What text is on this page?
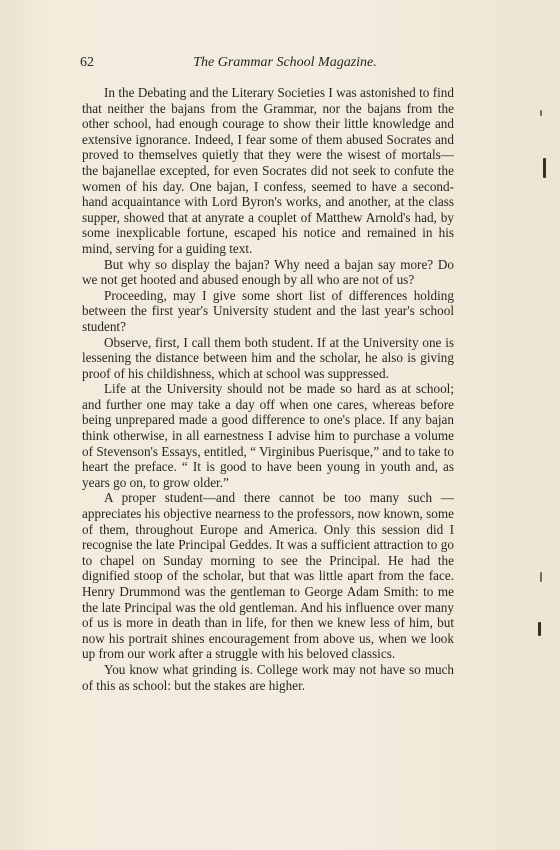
62	The Grammar School Magazine.

In the Debating and the Literary Societies I was astonished to find that neither the bajans from the Grammar, nor the bajans from the other school, had enough courage to show their little knowledge and extensive ignorance. Indeed, I fear some of them abused Socrates and proved to themselves quietly that they were the wisest of mortals— the bajanellae excepted, for even Socrates did not seek to confute the women of his day. One bajan, I confess, seemed to have a second-hand acquaintance with Lord Byron's works, and another, at the class supper, showed that at anyrate a couplet of Matthew Arnold's had, by some inexplicable fortune, escaped his notice and remained in his mind, serving for a guiding text.

But why so display the bajan? Why need a bajan say more? Do we not get hooted and abused enough by all who are not of us?

Proceeding, may I give some short list of differences holding between the first year's University student and the last year's school student?

Observe, first, I call them both student. If at the University one is lessening the distance between him and the scholar, he also is giving proof of his childishness, which at school was suppressed.

Life at the University should not be made so hard as at school; and further one may take a day off when one cares, whereas before being unprepared made a good difference to one's place. If any bajan think otherwise, in all earnestness I advise him to purchase a volume of Stevenson's Essays, entitled, “ Virginibus Puerisque,” and to take to heart the preface. “ It is good to have been young in youth and, as years go on, to grow older.”

A proper student—and there cannot be too many such —appreciates his objective nearness to the professors, now known, some of them, throughout Europe and America. Only this session did I recognise the late Principal Geddes. It was a sufficient attraction to go to chapel on Sunday morning to see the Principal. He had the dignified stoop of the scholar, but that was little apart from the face. Henry Drummond was the gentleman to George Adam Smith: to me the late Principal was the old gentleman. And his influence over many of us is more in death than in life, for then we knew less of him, but now his portrait shines encouragement from above us, when we look up from our work after a struggle with his beloved classics.

You know what grinding is. College work may not have so much of this as school: but the stakes are higher.
